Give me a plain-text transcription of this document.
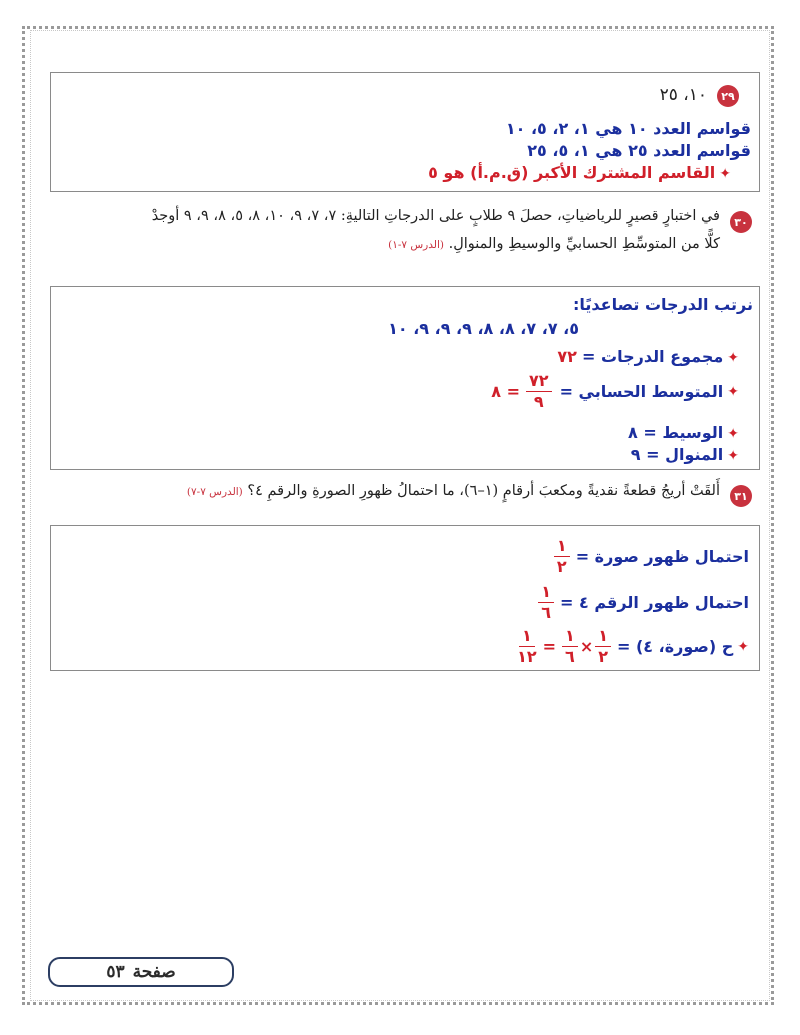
٢٩
١٠، ٢٥
قواسم العدد ١٠ هي ١، ٢، ٥، ١٠
قواسم العدد ٢٥ هي ١، ٥، ٢٥
✦القاسم المشترك الأكبر (ق.م.أ) هو ٥
٣٠
في اختبارٍ قصيرٍ للرياضياتِ، حصلَ ٩ طلابٍ على الدرجاتِ التاليةِ: ٧، ٧، ٩، ١٠، ٨، ٥، ٨، ٩، ٩ أوجدْ
كلًّا من المتوسِّطِ الحسابيِّ والوسيطِ والمنوالِ. (الدرس ٧-١)
نرتب الدرجات تصاعديًا:
٥، ٧، ٧، ٨، ٨، ٩، ٩، ٩، ١٠
✦مجموع الدرجات = ٧٢
✦
المتوسط الحسابي =
$\frac{٧٢}{٩}$
= ٨
✦الوسيط = ٨
✦المنوال = ٩
٣١
أَلقَتْ أريجُ قطعةً نقديةً ومكعبَ أرقامٍ (١–٦)، ما احتمالُ ظهورِ الصورةِ والرقمِ ٤؟ (الدرس ٧-٧)
احتمال ظهور صورة =
$\frac{١}{٢}$
احتمال ظهور الرقم ٤ =
$\frac{١}{٦}$
✦
ح (صورة، ٤) =
$\frac{١}{٢}$
×
$\frac{١}{٦}$
=
$\frac{١}{١٢}$
صفحة
٥٣
